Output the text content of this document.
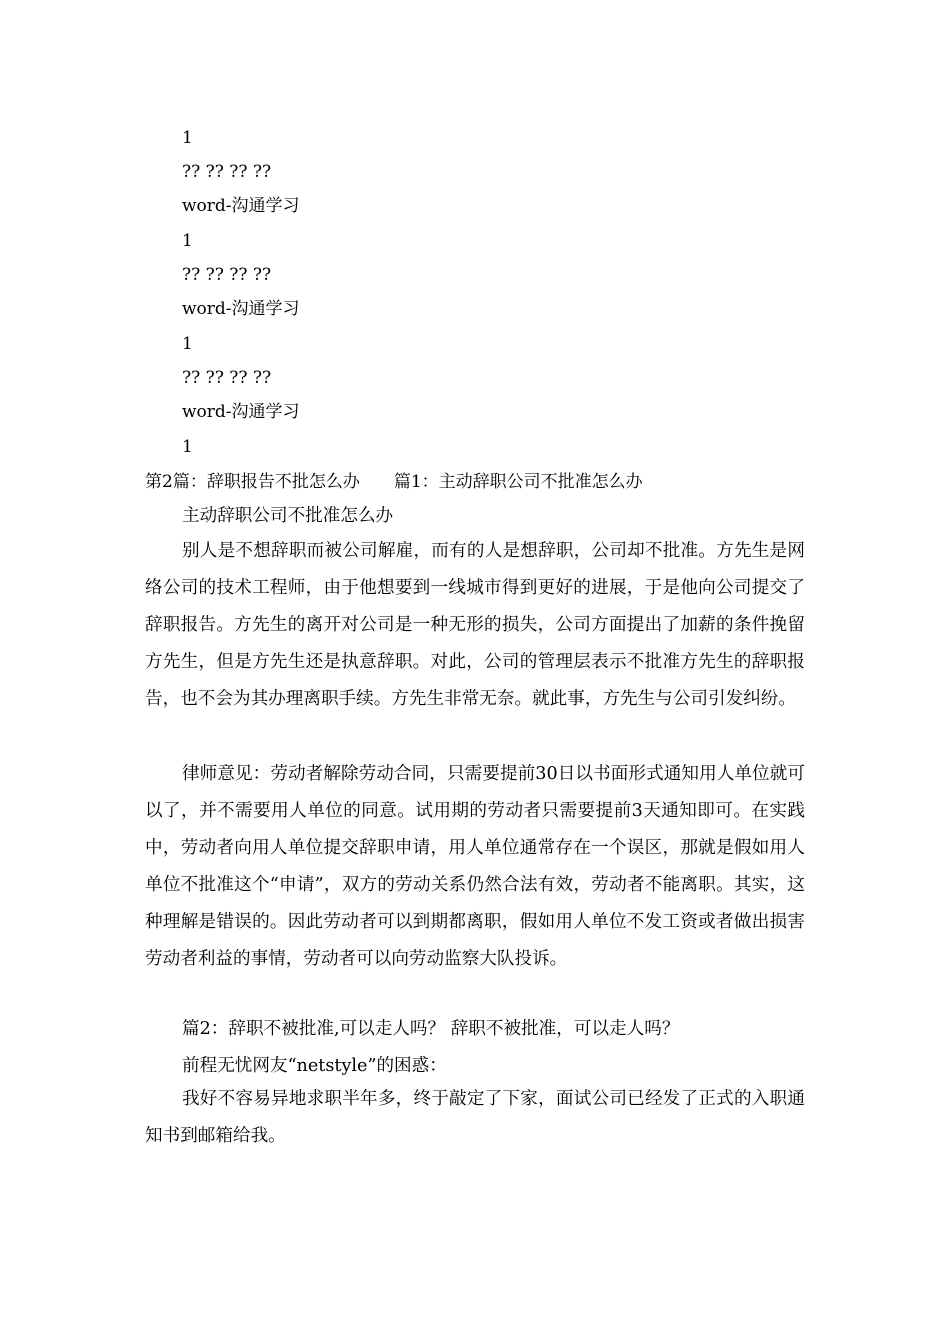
1
?? ?? ?? ??
word-沟通学习
1
?? ?? ?? ??
word-沟通学习
1
?? ?? ?? ??
word-沟通学习
1
第2篇：辞职报告不批怎么办 篇1：主动辞职公司不批准怎么办
主动辞职公司不批准怎么办
别人是不想辞职而被公司解雇，而有的人是想辞职，公司却不批准。方先生是网络公司的技术工程师，由于他想要到一线城市得到更好的进展，于是他向公司提交了辞职报告。方先生的离开对公司是一种无形的损失，公司方面提出了加薪的条件挽留方先生，但是方先生还是执意辞职。对此，公司的管理层表示不批准方先生的辞职报告，也不会为其办理离职手续。方先生非常无奈。就此事，方先生与公司引发纠纷。
律师意见：劳动者解除劳动合同，只需要提前30日以书面形式通知用人单位就可以了，并不需要用人单位的同意。试用期的劳动者只需要提前3天通知即可。在实践中，劳动者向用人单位提交辞职申请，用人单位通常存在一个误区，那就是假如用人单位不批准这个“申请”，双方的劳动关系仍然合法有效，劳动者不能离职。其实，这种理解是错误的。因此劳动者可以到期都离职，假如用人单位不发工资或者做出损害劳动者利益的事情，劳动者可以向劳动监察大队投诉。
篇2：辞职不被批准,可以走人吗？ 辞职不被批准，可以走人吗？
前程无忧网友“netstyle”的困惑：
我好不容易异地求职半年多，终于敲定了下家，面试公司已经发了正式的入职通知书到邮箱给我。
